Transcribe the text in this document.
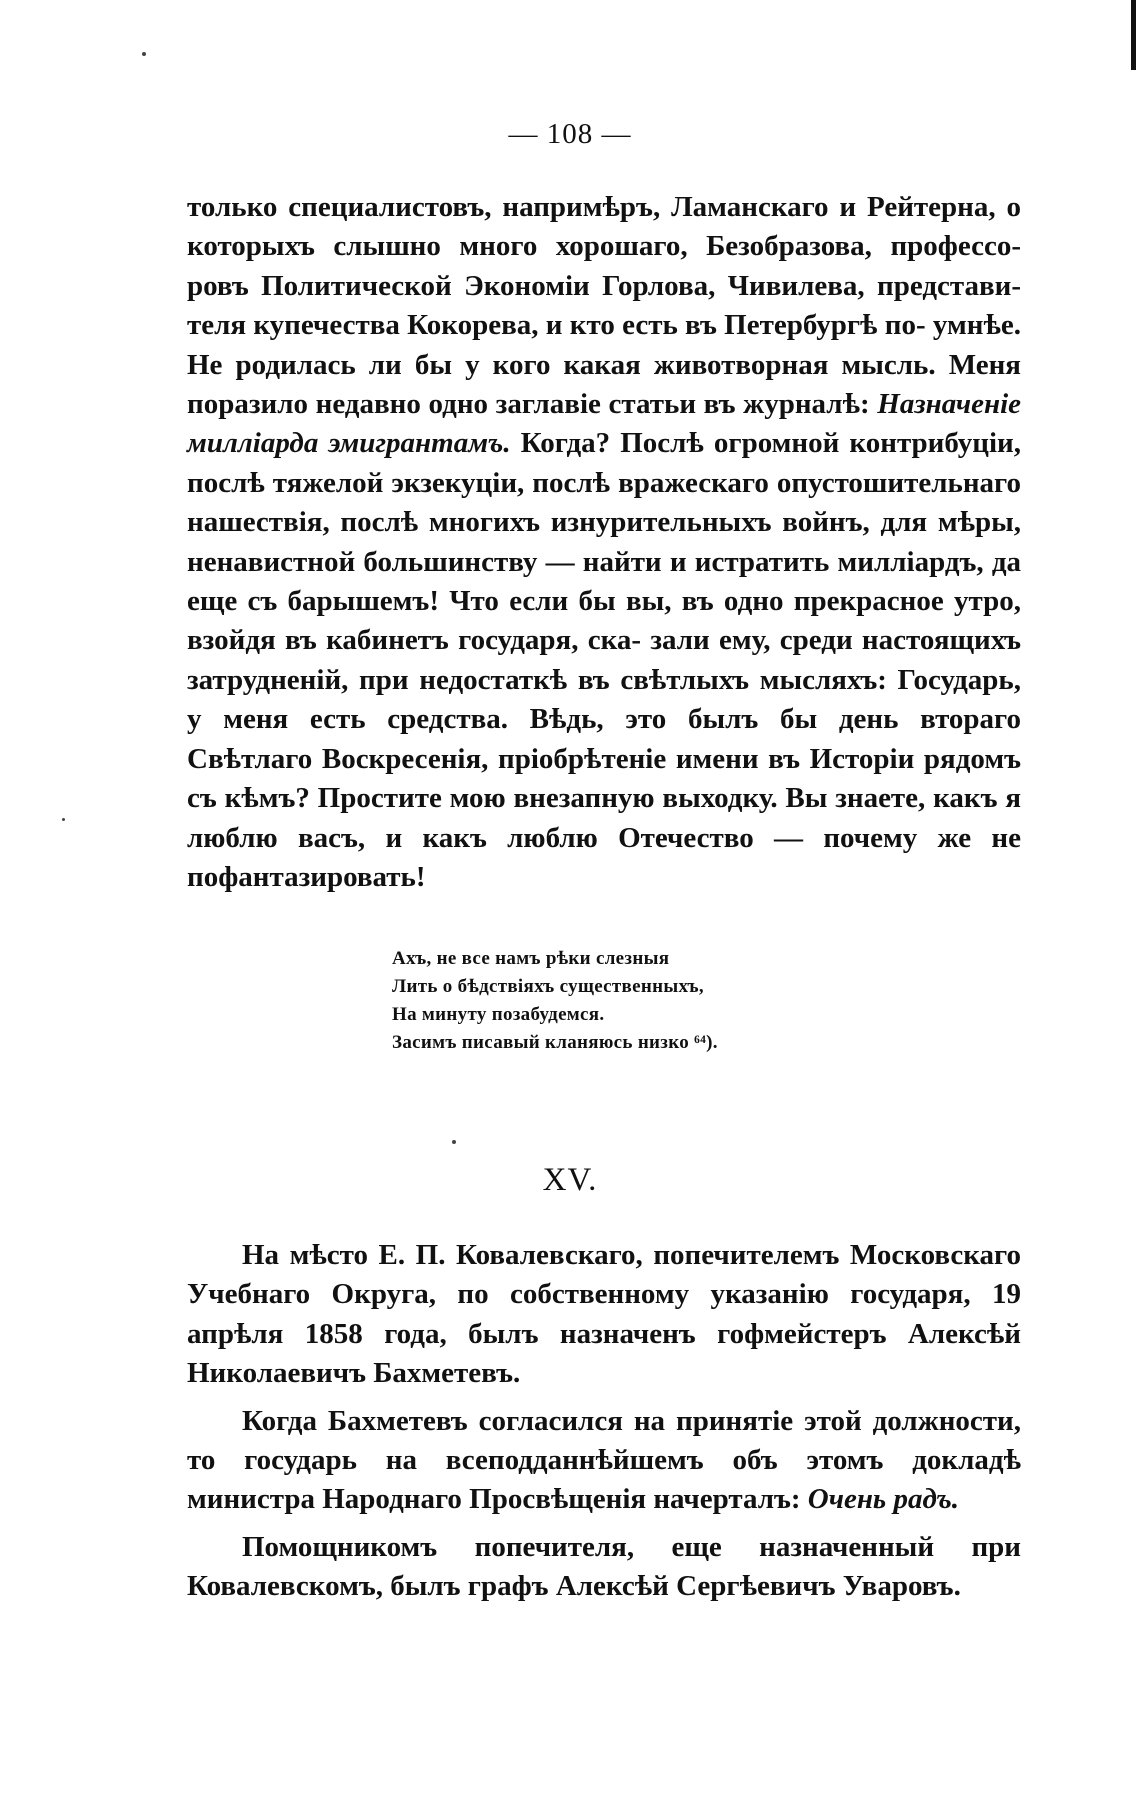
— 108 —

только специалистовъ, напримѣръ, Ламанскаго и Рейтерна, о которыхъ слышно много хорошаго, Безобразова, профессо- ровъ Политической Экономіи Горлова, Чивилева, представи- теля купечества Кокорева, и кто есть въ Петербургѣ по- умнѣе. Не родилась ли бы у кого какая животворная мысль. Меня поразило недавно одно заглавіе статьи въ журналѣ: Назначеніе милліарда эмигрантамъ. Когда? Послѣ огромной контрибуціи, послѣ тяжелой экзекуціи, послѣ вражескаго опустошительнаго нашествія, послѣ многихъ изнурительныхъ войнъ, для мѣры, ненавистной большинству — найти и истратить милліардъ, да еще съ барышемъ! Что если бы вы, въ одно прекрасное утро, взойдя въ кабинетъ государя, ска- зали ему, среди настоящихъ затрудненій, при недостаткѣ въ свѣтлыхъ мысляхъ: Государь, у меня есть средства. Вѣдь, это былъ бы день втораго Свѣтлаго Воскресенія, пріобрѣтеніе имени въ Исторіи рядомъ съ кѣмъ? Простите мою внезапную выходку. Вы знаете, какъ я люблю васъ, и какъ люблю Отечество — почему же не пофантазировать!

Ахъ, не все намъ рѣки слезныя
Лить о бѣдствіяхъ существенныхъ,
На минуту позабудемся.
Засимъ писавый кланяюсь низко ⁶⁴).
XV.

На мѣсто Е. П. Ковалевскаго, попечителемъ Московскаго Учебнаго Округа, по собственному указанію государя, 19 апрѣля 1858 года, былъ назначенъ гофмейстеръ Алексѣй Николаевичъ Бахметевъ.

Когда Бахметевъ согласился на принятіе этой должности, то государь на всеподданнѣйшемъ объ этомъ докладѣ министра Народнаго Просвѣщенія начерталъ: Очень радъ.

Помощникомъ попечителя, еще назначенный при Ковалевскомъ, былъ графъ Алексѣй Сергѣевичъ Уваровъ.
